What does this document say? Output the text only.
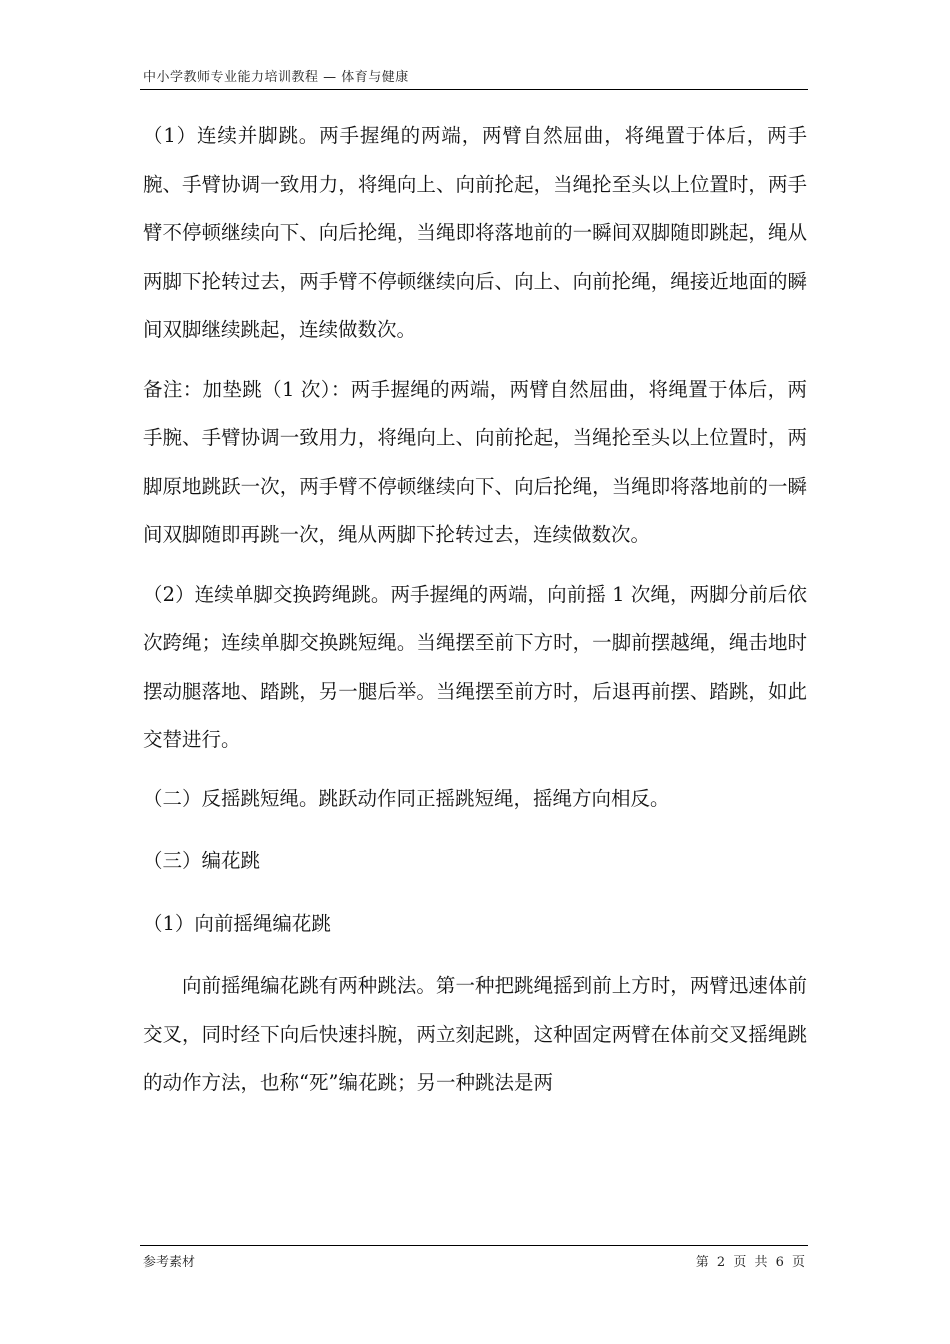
中小学教师专业能力培训教程 — 体育与健康

（1）连续并脚跳。两手握绳的两端，两臂自然屈曲，将绳置于体后，两手腕、手臂协调一致用力，将绳向上、向前抡起，当绳抡至头以上位置时，两手臂不停顿继续向下、向后抡绳，当绳即将落地前的一瞬间双脚随即跳起，绳从两脚下抡转过去，两手臂不停顿继续向后、向上、向前抡绳，绳接近地面的瞬间双脚继续跳起，连续做数次。

备注：加垫跳（1 次）：两手握绳的两端，两臂自然屈曲，将绳置于体后，两手腕、手臂协调一致用力，将绳向上、向前抡起，当绳抡至头以上位置时，两脚原地跳跃一次，两手臂不停顿继续向下、向后抡绳，当绳即将落地前的一瞬间双脚随即再跳一次，绳从两脚下抡转过去，连续做数次。

（2）连续单脚交换跨绳跳。两手握绳的两端，向前摇 1 次绳，两脚分前后依次跨绳；连续单脚交换跳短绳。当绳摆至前下方时，一脚前摆越绳，绳击地时摆动腿落地、踏跳，另一腿后举。当绳摆至前方时，后退再前摆、踏跳，如此交替进行。

（二）反摇跳短绳。跳跃动作同正摇跳短绳，摇绳方向相反。

（三）编花跳

（1）向前摇绳编花跳

向前摇绳编花跳有两种跳法。第一种把跳绳摇到前上方时，两臂迅速体前交叉，同时经下向后快速抖腕，两立刻起跳，这种固定两臂在体前交叉摇绳跳的动作方法，也称“死”编花跳；另一种跳法是两

参考素材	第 2 页 共 6 页
